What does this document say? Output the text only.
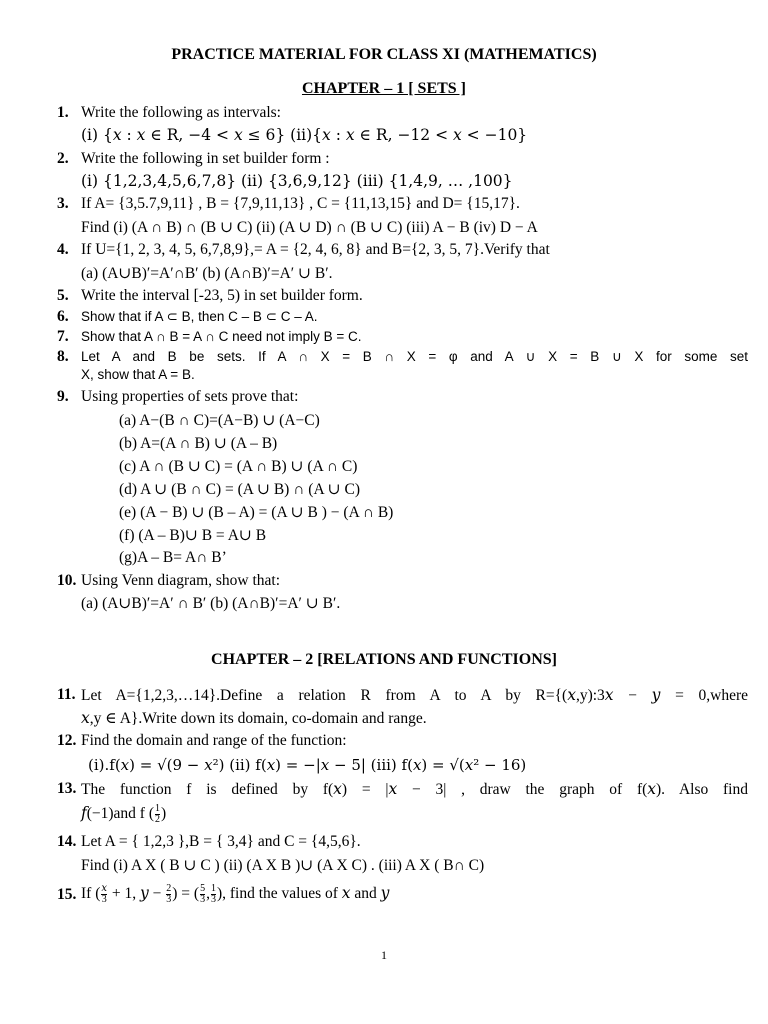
PRACTICE MATERIAL FOR CLASS XI (MATHEMATICS)
CHAPTER – 1 [ SETS ]
1. Write the following as intervals:
(i) {𝑥 : 𝑥 ∈ R, −4 < 𝑥 ≤ 6} (ii){𝑥 : 𝑥 ∈ R, −12 < 𝑥 < −10}
2. Write the following in set builder form :
(i) {1,2,3,4,5,6,7,8} (ii) {3,6,9,12} (iii) {1,4,9, … ,100}
3. If A= {3,5.7,9,11} , B = {7,9,11,13} , C = {11,13,15} and D= {15,17}.
Find (i) (A ∩ B) ∩ (B ∪ C) (ii) (A ∪ D) ∩ (B ∪ C) (iii) A − B (iv) D − A
4. If U={1, 2, 3, 4, 5, 6,7,8,9},= A = {2, 4, 6, 8} and B={2, 3, 5, 7}.Verify that
(a) (A∪B)′=A′∩B′ (b) (A∩B)′=A′ ∪ B′.
5. Write the interval [-23, 5) in set builder form.
6. Show that if A ⊂ B, then C – B ⊂ C – A.
7. Show that A ∩ B = A ∩ C need not imply B = C.
8. Let A and B be sets. If A ∩ X = B ∩ X = φ and A ∪ X = B ∪ X for some set
X, show that A = B.
9. Using properties of sets prove that:
(a) A−(B ∩ C)=(A−B) ∪ (A−C)
(b) A=(A ∩ B) ∪ (A – B)
(c) A ∩ (B ∪ C) = (A ∩ B) ∪ (A ∩ C)
(d) A ∪ (B ∩ C) = (A ∪ B) ∩ (A ∪ C)
(e) (A − B) ∪ (B – A) = (A ∪ B ) − (A ∩ B)
(f) (A – B)∪ B = A∪ B
(g)A – B= A∩ B’
10. Using Venn diagram, show that:
(a) (A∪B)′=A′ ∩ B′ (b) (A∩B)′=A′ ∪ B′.
CHAPTER – 2 [RELATIONS AND FUNCTIONS]
11. Let A={1,2,3,…14}.Define a relation R from A to A by R={(𝑥,y):3𝑥 − 𝑦 = 0,where
𝑥,y ∈ A}.Write down its domain, co-domain and range.
12. Find the domain and range of the function:
(i).f(𝑥) = √(9 − 𝑥²) (ii) f(𝑥) = −|𝑥 − 5| (iii) f(𝑥) = √(𝑥² − 16)
13. The function f is defined by f(𝑥) = |𝑥 − 3| , draw the graph of f(𝑥). Also find
𝑓(−1)and f ( $\frac{1}{2}$ )
14. Let A = { 1,2,3 },B = { 3,4} and C = {4,5,6}.
Find (i) A X ( B ∪ C ) (ii) (A X B )∪ (A X C) . (iii) A X ( B∩ C)
15. If ( 𝑥
3 + 1, 𝑦 − $\frac{2}{3}$ ) = ( $\frac{5}{3}$ , $\frac{1}{3}$ ), find the values of 𝑥 and 𝑦
1
